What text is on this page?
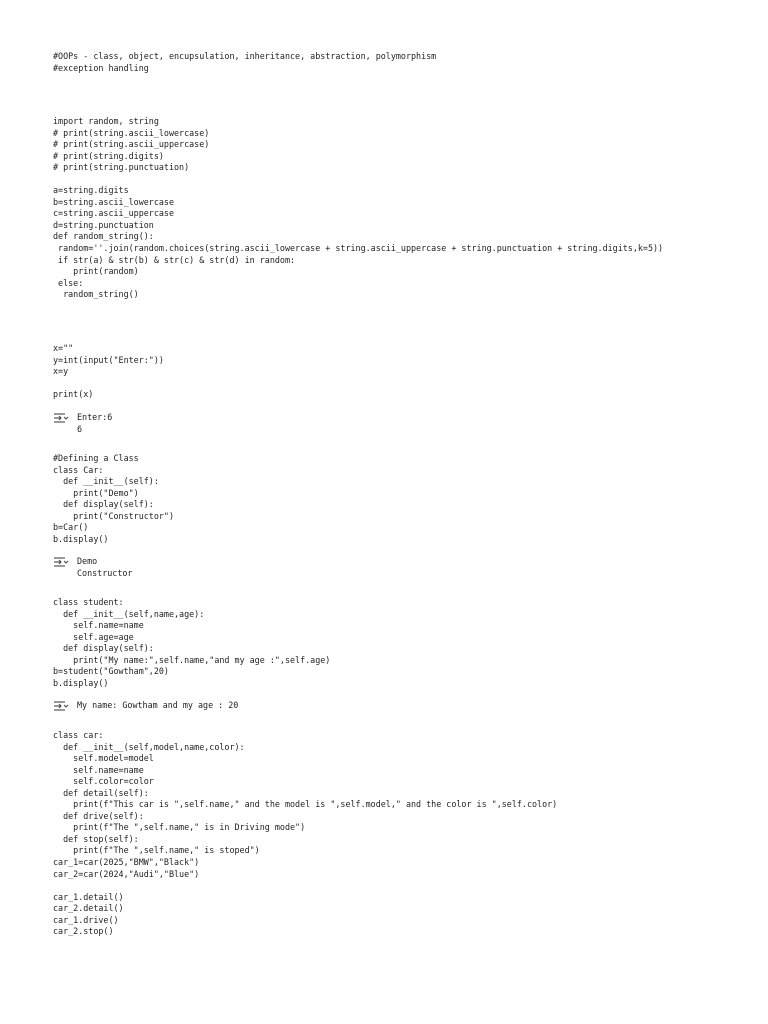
#OOPs - class, object, encupsulation, inheritance, abstraction, polymorphism
#exception handling
import random, string
# print(string.ascii_lowercase)
# print(string.ascii_uppercase)
# print(string.digits)
# print(string.punctuation)

a=string.digits
b=string.ascii_lowercase
c=string.ascii_uppercase
d=string.punctuation
def random_string():
random=''.join(random.choices(string.ascii_lowercase + string.ascii_uppercase + string.punctuation + string.digits,k=5))
if str(a) & str(b) & str(c) & str(d) in random:
print(random)
else:
random_string()
x=""
y=int(input("Enter:"))
x=y

print(x)
Enter:6
6
#Defining a Class
class Car:
def __init__(self):
print("Demo")
def display(self):
print("Constructor")
b=Car()
b.display()
Demo
Constructor
class student:
def __init__(self,name,age):
self.name=name
self.age=age
def display(self):
print("My name:",self.name,"and my age :",self.age)
b=student("Gowtham",20)
b.display()
My name: Gowtham and my age : 20
class car:
def __init__(self,model,name,color):
self.model=model
self.name=name
self.color=color
def detail(self):
print(f"This car is ",self.name," and the model is ",self.model," and the color is ",self.color)
def drive(self):
print(f"The ",self.name," is in Driving mode")
def stop(self):
print(f"The ",self.name," is stoped")
car_1=car(2025,"BMW","Black")
car_2=car(2024,"Audi","Blue")

car_1.detail()
car_2.detail()
car_1.drive()
car_2.stop()
